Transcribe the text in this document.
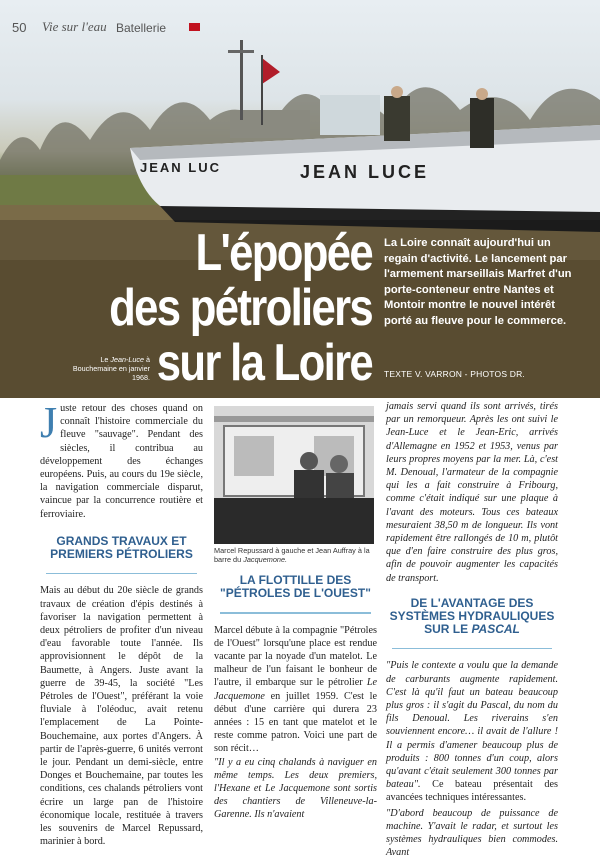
JEAN LUCE
JEAN LUC
L'épopée
des pétroliers
sur la Loire
La Loire connaît aujourd'hui un regain d'activité. Le lancement par l'armement marseillais Marfret d'un porte-conteneur entre Nantes et Montoir montre le nouvel intérêt porté au fleuve pour le commerce.
TEXTE V. VARRON - PHOTOS DR.
Le Jean-Luce à Bouchemaine en janvier 1968.
50 Vie sur l'eau Batellerie

Juste retour des choses quand on connaît l'histoire commerciale du fleuve "sauvage". Pendant des siècles, il contribua au développement des échanges européens. Puis, au cours du 19e siècle, la navigation commerciale disparut, vaincue par la concurrence routière et ferroviaire.

GRANDS TRAVAUX ET PREMIERS PÉTROLIERS

Mais au début du 20e siècle de grands travaux de création d'épis destinés à favoriser la navigation permettent à deux pétroliers de profiter d'un niveau d'eau favorable toute l'année. Ils approvisionnent le dépôt de la Baumette, à Angers. Juste avant la guerre de 39-45, la société "Les Pétroles de l'Ouest", préférant la voie fluviale à l'oléoduc, avait retenu l'emplacement de La Pointe-Bouchemaine, aux portes d'Angers. À partir de l'après-guerre, 6 unités verront le jour. Pendant un demi-siècle, entre Donges et Bouchemaine, par toutes les conditions, ces chalands pétroliers vont écrire un large pan de l'histoire économique locale, restituée à travers les souvenirs de Marcel Repussard, marinier à bord.

Marcel Repussard à gauche et Jean Auffray à la barre du Jacquemone.
LA FLOTTILLE DES "PÉTROLES DE L'OUEST"

Marcel débute à la compagnie "Pétroles de l'Ouest" lorsqu'une place est rendue vacante par la noyade d'un matelot. Le malheur de l'un faisant le bonheur de l'autre, il embarque sur le pétrolier Le Jacquemone en juillet 1959. C'est le début d'une carrière qui durera 23 années : 15 en tant que matelot et le reste comme patron. Voici une part de son récit…

"Il y a eu cinq chalands à naviguer en même temps. Les deux premiers, l'Hexane et Le Jacquemone sont sortis des chantiers de Villeneuve-la-Garenne. Ils n'avaient

jamais servi quand ils sont arrivés, tirés par un remorqueur. Après les ont suivi le Jean-Luce et le Jean-Eric, arrivés d'Allemagne en 1952 et 1953, venus par leurs propres moyens par la mer. Là, c'est M. Denoual, l'armateur de la compagnie qui les a fait construire à Fribourg, comme c'était indiqué sur une plaque à l'avant des moteurs. Tous ces bateaux mesuraient 38,50 m de longueur. Ils vont rapidement être rallongés de 10 m, plutôt que d'en faire construire des plus gros, afin de pouvoir augmenter les capacités de transport.

DE L'AVANTAGE DES
SYSTÈMES HYDRAULIQUES
SUR LE PASCAL

"Puis le contexte a voulu que la demande de carburants augmente rapidement. C'est là qu'il faut un bateau beaucoup plus gros : il s'agit du Pascal, du nom du fils Denoual. Les riverains s'en souviennent encore… il avait de l'allure ! Il a permis d'amener beaucoup plus de produits : 800 tonnes d'un coup, alors qu'avant c'était seulement 300 tonnes par bateau". Ce bateau présentait des avancées techniques intéressantes.

"D'abord beaucoup de puissance de machine. Y'avait le radar, et surtout les systèmes hydrauliques bien commodes. Avant
